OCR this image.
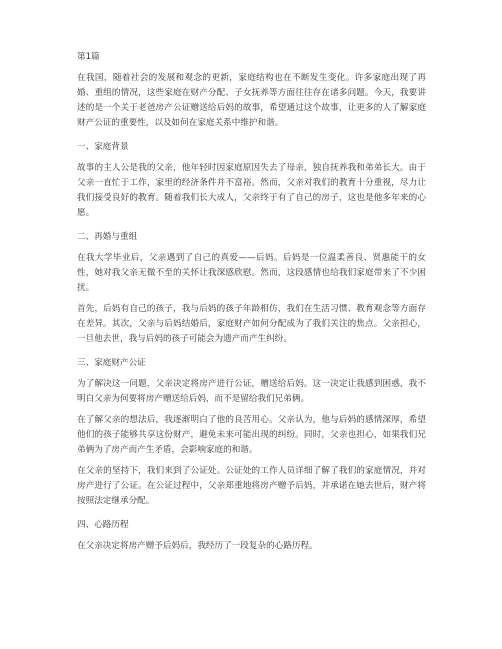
第1篇
在我国，随着社会的发展和观念的更新，家庭结构也在不断发生变化。许多家庭出现了再婚、重组的情况，这些家庭在财产分配、子女抚养等方面往往存在诸多问题。今天，我要讲述的是一个关于老爸房产公证赠送给后妈的故事，希望通过这个故事，让更多的人了解家庭财产公证的重要性，以及如何在家庭关系中维护和谐。
一、家庭背景
故事的主人公是我的父亲，他年轻时因家庭原因失去了母亲，独自抚养我和弟弟长大。由于父亲一直忙于工作，家里的经济条件并不富裕。然而，父亲对我们的教育十分重视，尽力让我们接受良好的教育。随着我们长大成人，父亲终于有了自己的房子，这也是他多年来的心愿。
二、再婚与重组
在我大学毕业后，父亲遇到了自己的真爱——后妈。后妈是一位温柔善良、贤惠能干的女性，她对我父亲无微不至的关怀让我深感欣慰。然而，这段感情也给我们家庭带来了不少困扰。
首先，后妈有自己的孩子，我与后妈的孩子年龄相仿，我们在生活习惯、教育观念等方面存在差异。其次，父亲与后妈结婚后，家庭财产如何分配成为了我们关注的焦点。父亲担心，一旦他去世，我与后妈的孩子可能会为遗产而产生纠纷。
三、家庭财产公证
为了解决这一问题，父亲决定将房产进行公证，赠送给后妈。这一决定让我感到困惑，我不明白父亲为何要将房产赠送给后妈，而不是留给我们兄弟俩。
在了解父亲的想法后，我逐渐明白了他的良苦用心。父亲认为，他与后妈的感情深厚，希望他们的孩子能够共享这份财产，避免未来可能出现的纠纷。同时，父亲也担心，如果我们兄弟俩为了房产而产生矛盾，会影响家庭的和谐。
在父亲的坚持下，我们来到了公证处。公证处的工作人员详细了解了我们的家庭情况，并对房产进行了公证。在公证过程中，父亲郑重地将房产赠予后妈，并承诺在她去世后，财产将按照法定继承分配。
四、心路历程
在父亲决定将房产赠予后妈后，我经历了一段复杂的心路历程。
